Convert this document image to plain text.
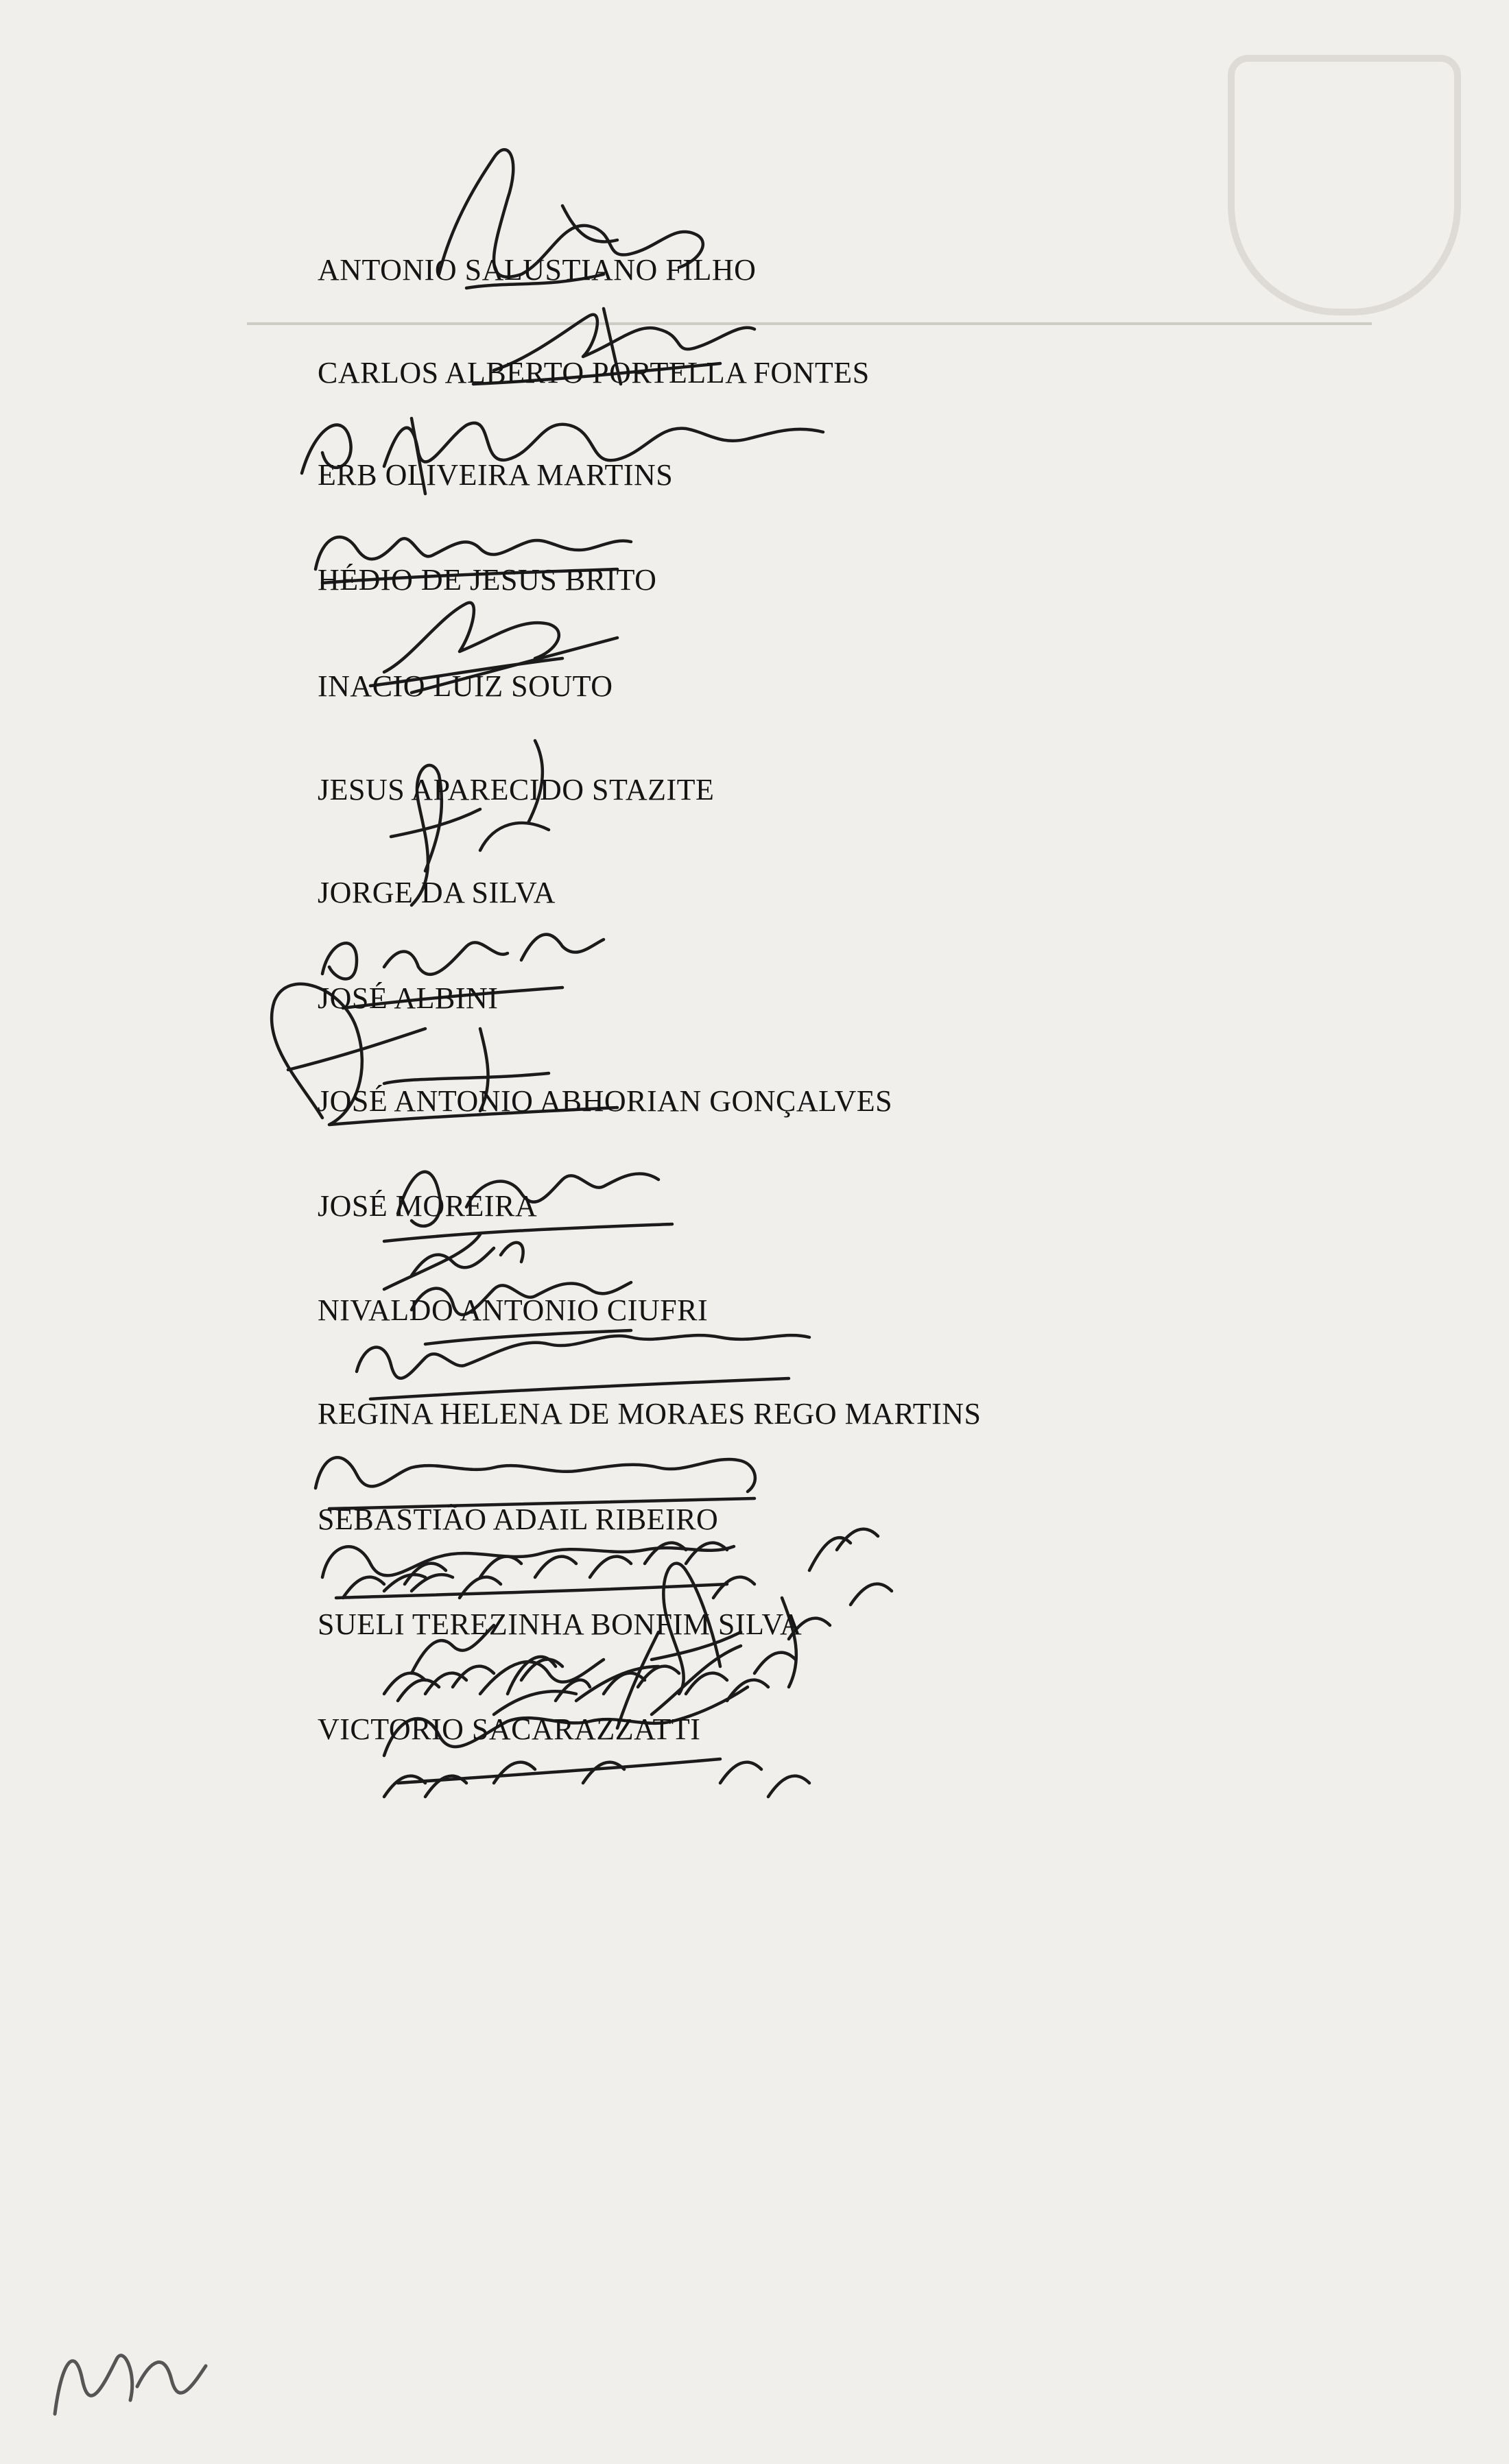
ANTONIO SALUSTIANO FILHO
CARLOS ALBERTO PORTELLA FONTES
ERB OLIVEIRA MARTINS
HÉDIO DE JESUS BRITO
INACIO LUIZ SOUTO
JESUS APARECIDO STAZITE
JORGE DA SILVA
JOSÉ ALBINI
JOSÉ ANTONIO ABHORIAN GONÇALVES
JOSÉ MOREIRA
NIVALDO ANTONIO CIUFRI
REGINA HELENA DE MORAES REGO MARTINS
SEBASTIÃO ADAIL RIBEIRO
SUELI TEREZINHA BONFIM SILVA
VICTORIO SACARAZZATTI
